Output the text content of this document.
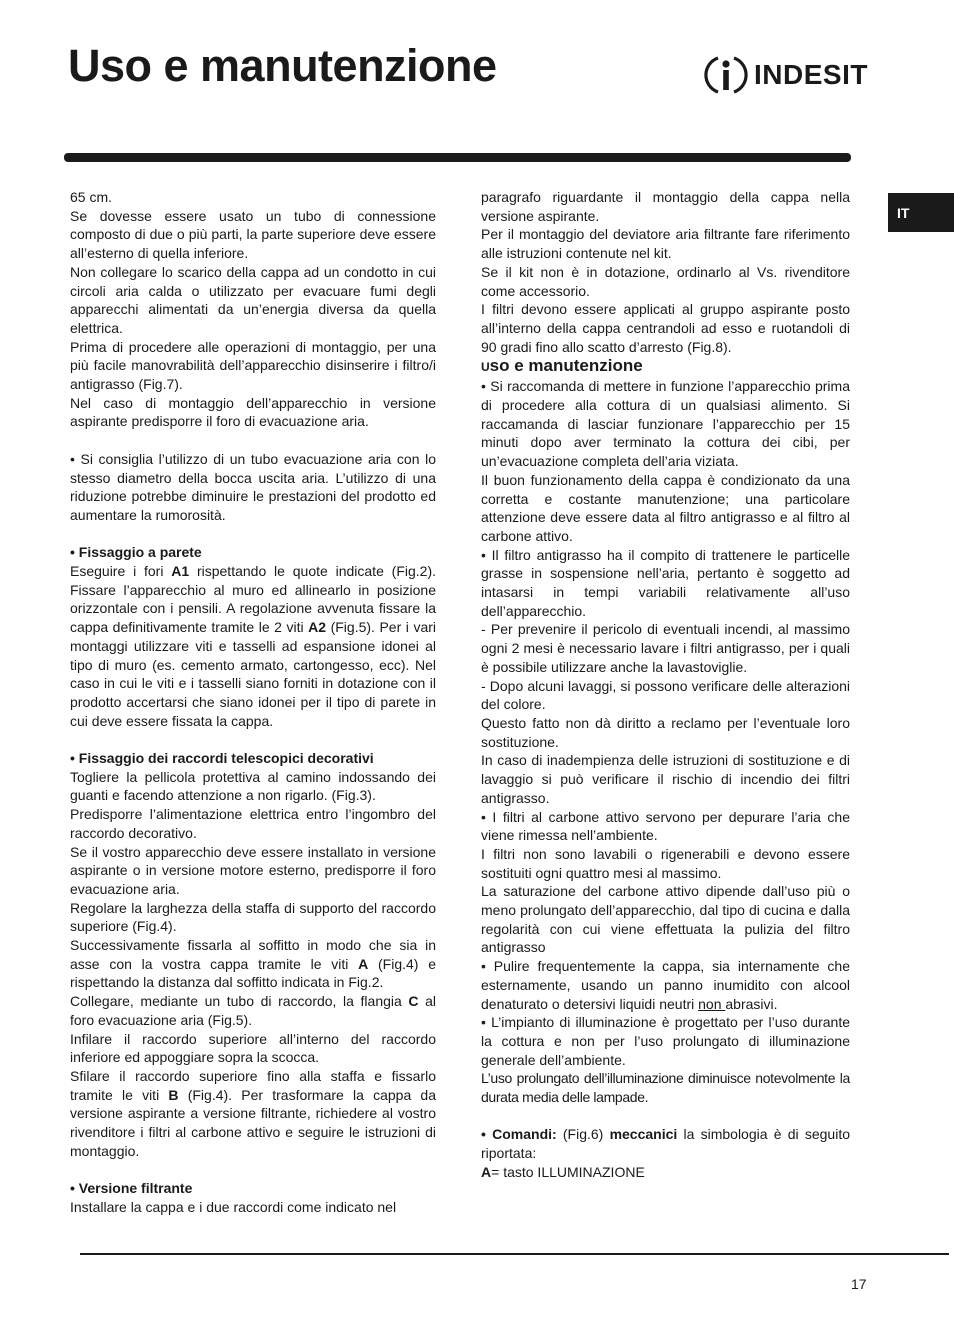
Uso e manutenzione	INDESIT
IT

65 cm.

Se dovesse essere usato un tubo di connessione composto di due o più parti, la parte superiore deve essere all’esterno di quella inferiore.

Non collegare lo scarico della cappa ad un condotto in cui circoli aria calda o utilizzato per evacuare fumi degli apparecchi alimentati da un’energia diversa da quella elettrica.

Prima di procedere alle operazioni di montaggio, per una più facile manovrabilità dell’apparecchio disinserire i filtro/i antigrasso (Fig.7).

Nel caso di montaggio dell’apparecchio in versione aspirante predisporre il foro di evacuazione aria.

• Si consiglia l’utilizzo di un tubo evacuazione aria con lo stesso diametro della bocca uscita aria. L’utilizzo di una riduzione potrebbe diminuire le prestazioni del prodotto ed aumentare la rumorosità.

• Fissaggio a parete

Eseguire i fori A1 rispettando le quote indicate (Fig.2). Fissare l’apparecchio al muro ed allinearlo in posizione orizzontale con i pensili. A regolazione avvenuta fissare la cappa definitivamente tramite le 2 viti A2 (Fig.5). Per i vari montaggi utilizzare viti e tasselli ad espansione idonei al tipo di muro (es. cemento armato, cartongesso, ecc). Nel caso in cui le viti e i tasselli siano forniti in dotazione con il prodotto accertarsi che siano idonei per il tipo di parete in cui deve essere fissata la cappa.

• Fissaggio dei raccordi telescopici decorativi

Togliere la pellicola protettiva al camino indossando dei guanti e facendo attenzione a non rigarlo. (Fig.3).

Predisporre l’alimentazione elettrica entro l’ingombro del raccordo decorativo.

Se il vostro apparecchio deve essere installato in versione aspirante o in versione motore esterno, predisporre il foro evacuazione aria.

Regolare la larghezza della staffa di supporto del raccordo superiore (Fig.4).

Successivamente fissarla al soffitto in modo che sia in asse con la vostra cappa tramite le viti A (Fig.4) e rispettando la distanza dal soffitto indicata in Fig.2.

Collegare, mediante un tubo di raccordo, la flangia C al foro evacuazione aria (Fig.5).

Infilare il raccordo superiore all’interno del raccordo inferiore ed appoggiare sopra la scocca.

Sfilare il raccordo superiore fino alla staffa e fissarlo tramite le viti B (Fig.4). Per trasformare la cappa da versione aspirante a versione filtrante, richiedere al vostro rivenditore i filtri al carbone attivo e seguire le istruzioni di montaggio.

• Versione filtrante

Installare la cappa e i due raccordi come indicato nel

paragrafo riguardante il montaggio della cappa nella versione aspirante.

Per il montaggio del deviatore aria filtrante fare riferimento alle istruzioni contenute nel kit.

Se il kit non è in dotazione, ordinarlo al Vs. rivenditore come accessorio.

I filtri devono essere applicati al gruppo aspirante posto all’interno della cappa centrandoli ad esso e ruotandoli di 90 gradi fino allo scatto d’arresto (Fig.8).

Uso e manutenzione

• Si raccomanda di mettere in funzione l’apparecchio prima di procedere alla cottura di un qualsiasi alimento. Si raccamanda di lasciar funzionare l’apparecchio per 15 minuti dopo aver terminato la cottura dei cibi, per un’evacuazione completa dell’aria viziata.

Il buon funzionamento della cappa è condizionato da una corretta e costante manutenzione; una particolare attenzione deve essere data al filtro antigrasso e al filtro al carbone attivo.

• Il filtro antigrasso ha il compito di trattenere le particelle grasse in sospensione nell’aria, pertanto è soggetto ad intasarsi in tempi variabili relativamente all’uso dell’apparecchio.

- Per prevenire il pericolo di eventuali incendi, al massimo ogni 2 mesi è necessario lavare i filtri antigrasso, per i quali è possibile utilizzare anche la lavastoviglie.

- Dopo alcuni lavaggi, si possono verificare delle alterazioni del colore.

Questo fatto non dà diritto a reclamo per l’eventuale loro sostituzione.

In caso di inadempienza delle istruzioni di sostituzione e di lavaggio si può verificare il rischio di incendio dei filtri antigrasso.

• I filtri al carbone attivo servono per depurare l’aria che viene rimessa nell’ambiente.

I filtri non sono lavabili o rigenerabili e devono essere sostituiti ogni quattro mesi al massimo.

La saturazione del carbone attivo dipende dall’uso più o meno prolungato dell’apparecchio, dal tipo di cucina e dalla regolarità con cui viene effettuata la pulizia del filtro antigrasso

• Pulire frequentemente la cappa, sia internamente che esternamente, usando un panno inumidito con alcool denaturato o detersivi liquidi neutri non abrasivi.

• L’impianto di illuminazione è progettato per l’uso durante la cottura e non per l’uso prolungato di illuminazione generale dell’ambiente.

L’uso prolungato dell’illuminazione diminuisce notevolmente la durata media delle lampade.

• Comandi: (Fig.6) meccanici la simbologia è di seguito riportata:

A= tasto ILLUMINAZIONE

17
